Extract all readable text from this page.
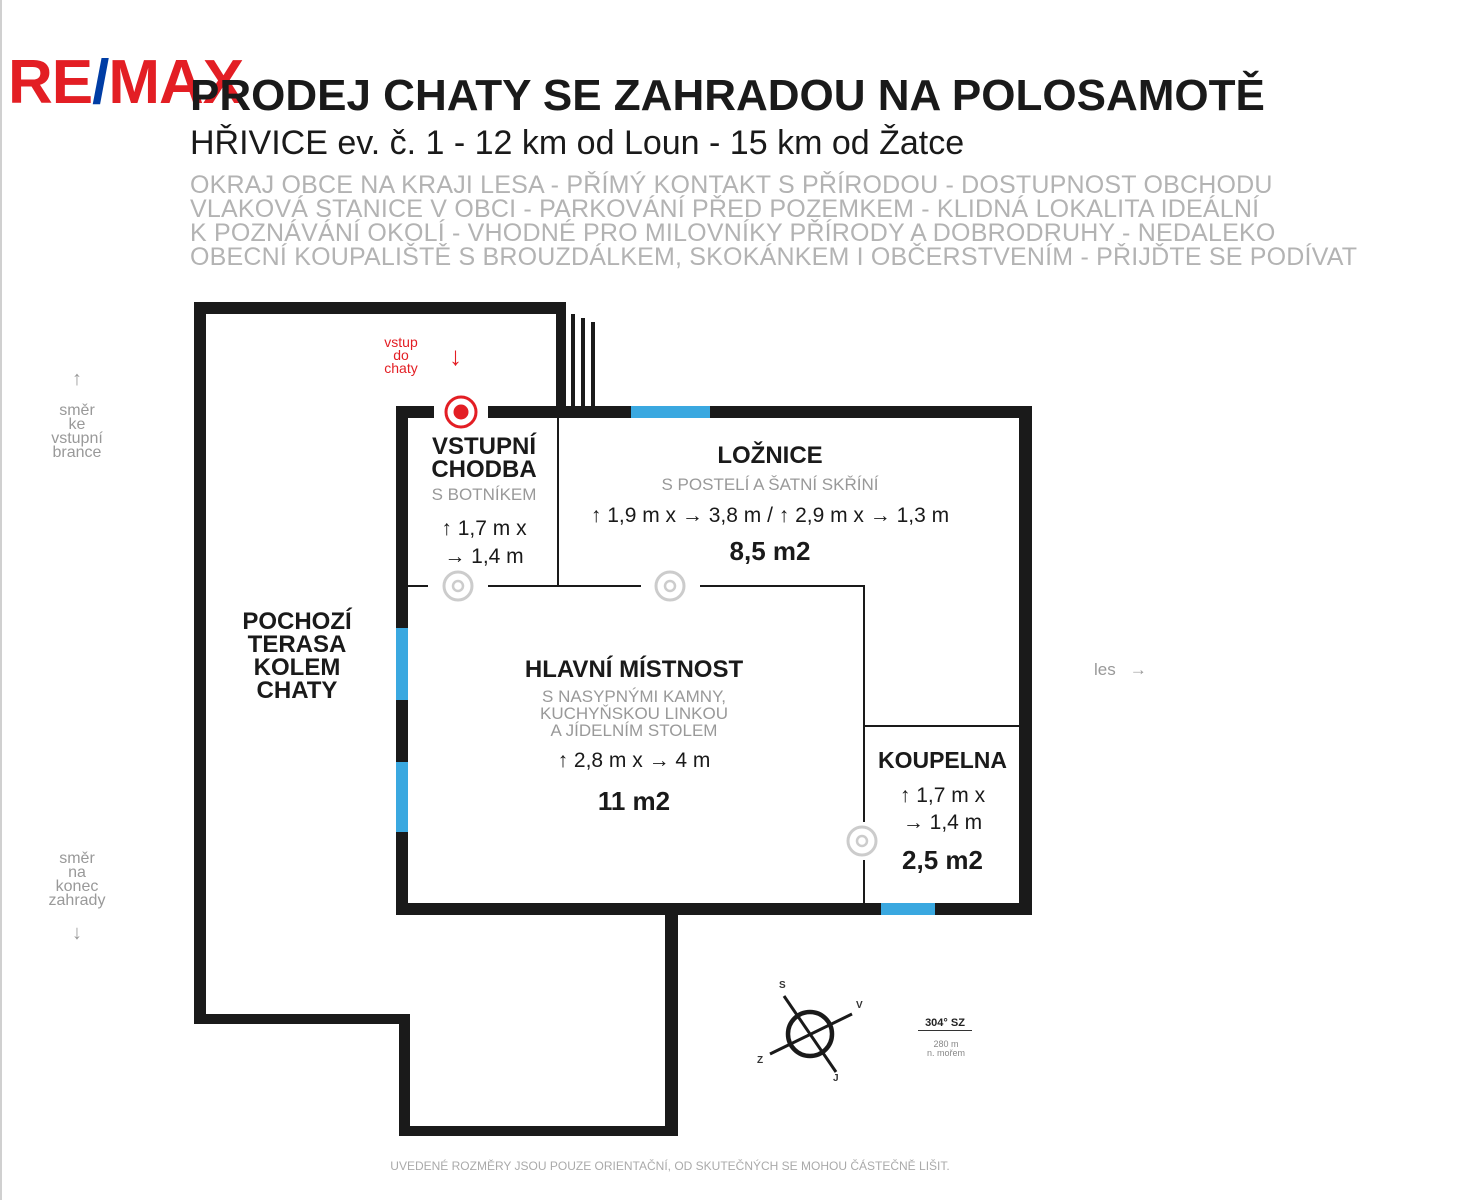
RE/MAX
PRODEJ CHATY SE ZAHRADOU NA POLOSAMOTĚ
HŘIVICE ev. č. 1 - 12 km od Loun - 15 km od Žatce
OKRAJ OBCE NA KRAJI LESA - PŘÍMÝ KONTAKT S PŘÍRODOU - DOSTUPNOST OBCHODU
VLAKOVÁ STANICE V OBCI - PARKOVÁNÍ PŘED POZEMKEM - KLIDNÁ LOKALITA IDEÁLNÍ
K POZNÁVÁNÍ OKOLÍ - VHODNÉ PRO MILOVNÍKY PŘÍRODY A DOBRODRUHY - NEDALEKO
OBECNÍ KOUPALIŠTĚ S BROUZDÁLKEM, SKOKÁNKEM I OBČERSTVENÍM - PŘIJĎTE SE PODÍVAT
S
J
V
Z
304° SZ
280 m
n. mořem
↑
směr
ke
vstupní
brance
směr
na
konec
zahrady
↓
les →
vstup
do
chaty	↓
VSTUPNÍ
CHODBA
S BOTNÍKEM
↑ 1,7 m x
→ 1,4 m
LOŽNICE
S POSTELÍ A ŠATNÍ SKŘÍNÍ
↑ 1,9 m x → 3,8 m / ↑ 2,9 m x → 1,3 m
8,5 m2
POCHOZÍ
TERASA
KOLEM
CHATY
HLAVNÍ MÍSTNOST
S NASYPNÝMI KAMNY,
KUCHYŇSKOU LINKOU
A JÍDELNÍM STOLEM
↑ 2,8 m x → 4 m
11 m2
KOUPELNA
↑ 1,7 m x
→ 1,4 m
2,5 m2
UVEDENÉ ROZMĚRY JSOU POUZE ORIENTAČNÍ, OD SKUTEČNÝCH SE MOHOU ČÁSTEČNĚ LIŠIT.
